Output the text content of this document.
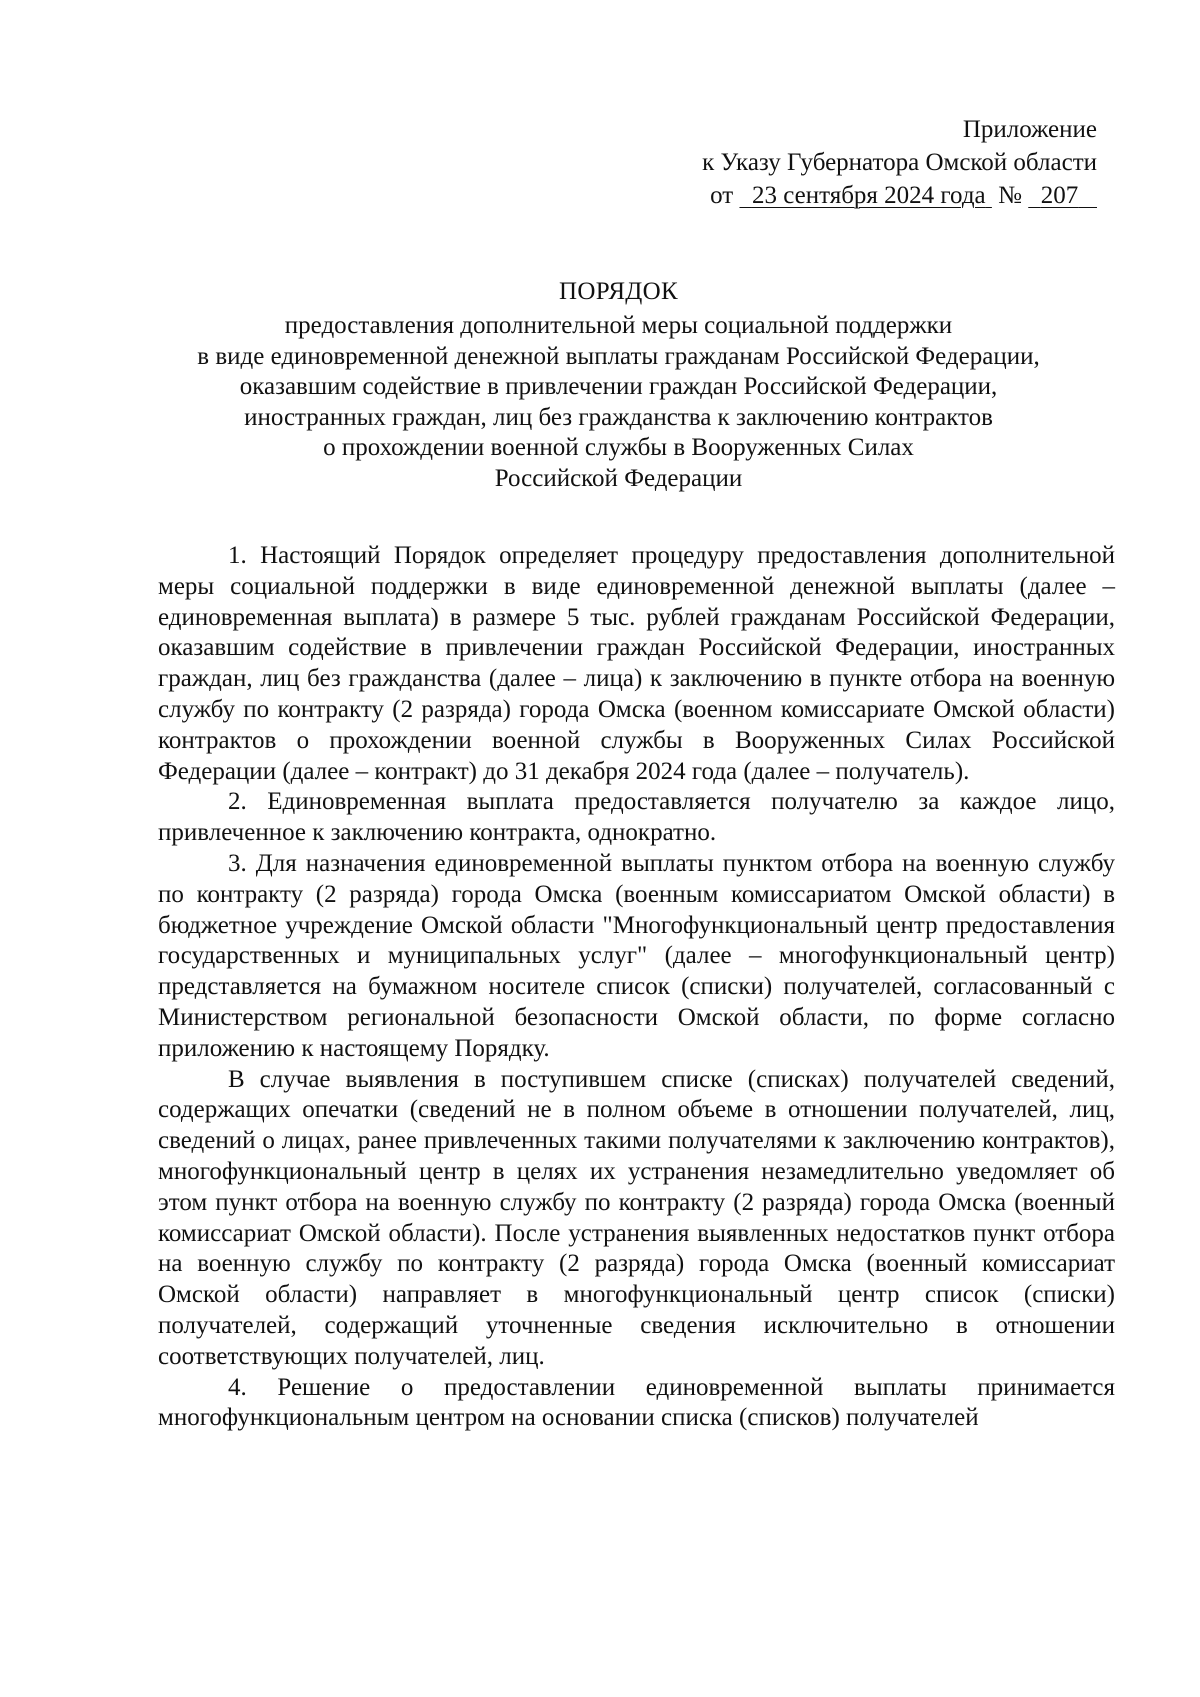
Приложение
к Указу Губернатора Омской области
от 23 сентября 2024 года № 207
ПОРЯДОК
предоставления дополнительной меры социальной поддержки
в виде единовременной денежной выплаты гражданам Российской Федерации,
оказавшим содействие в привлечении граждан Российской Федерации,
иностранных граждан, лиц без гражданства к заключению контрактов
о прохождении военной службы в Вооруженных Силах
Российской Федерации

1. Настоящий Порядок определяет процедуру предоставления дополнительной меры социальной поддержки в виде единовременной денежной выплаты (далее – единовременная выплата) в размере 5 тыс. рублей гражданам Российской Федерации, оказавшим содействие в привлечении граждан Российской Федерации, иностранных граждан, лиц без гражданства (далее – лица) к заключению в пункте отбора на военную службу по контракту (2 разряда) города Омска (военном комиссариате Омской области) контрактов о прохождении военной службы в Вооруженных Силах Российской Федерации (далее – контракт) до 31 декабря 2024 года (далее – получатель).

2. Единовременная выплата предоставляется получателю за каждое лицо, привлеченное к заключению контракта, однократно.

3. Для назначения единовременной выплаты пунктом отбора на военную службу по контракту (2 разряда) города Омска (военным комиссариатом Омской области) в бюджетное учреждение Омской области "Многофункциональный центр предоставления государственных и муниципальных услуг" (далее – многофункциональный центр) представляется на бумажном носителе список (списки) получателей, согласованный с Министерством региональной безопасности Омской области, по форме согласно приложению к настоящему Порядку.

В случае выявления в поступившем списке (списках) получателей сведений, содержащих опечатки (сведений не в полном объеме в отношении получателей, лиц, сведений о лицах, ранее привлеченных такими получателями к заключению контрактов), многофункциональный центр в целях их устранения незамедлительно уведомляет об этом пункт отбора на военную службу по контракту (2 разряда) города Омска (военный комиссариат Омской области). После устранения выявленных недостатков пункт отбора на военную службу по контракту (2 разряда) города Омска (военный комиссариат Омской области) направляет в многофункциональный центр список (списки) получателей, содержащий уточненные сведения исключительно в отношении соответствующих получателей, лиц.

4. Решение о предоставлении единовременной выплаты принимается многофункциональным центром на основании списка (списков) получателей
